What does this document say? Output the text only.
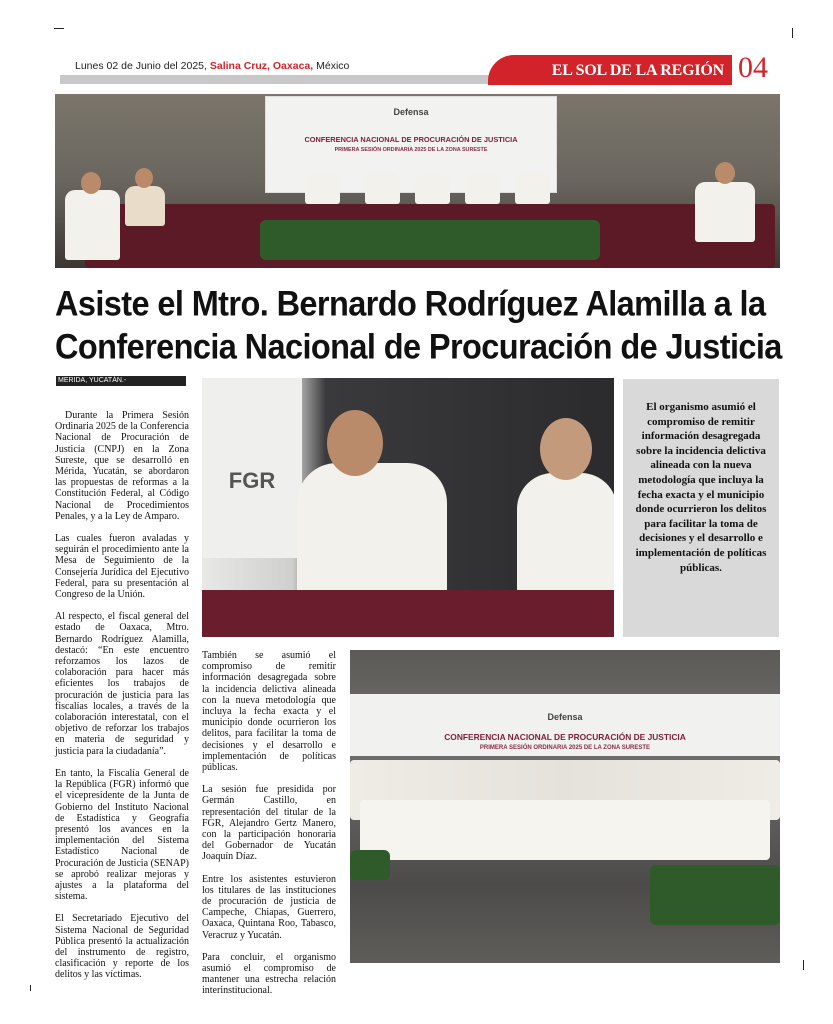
Lunes 02 de Junio del 2025, Salina Cruz, Oaxaca, México	EL SOL DE LA REGIÓN 04
Defensa
CONFERENCIA NACIONAL DE PROCURACIÓN DE JUSTICIA
PRIMERA SESIÓN ORDINARIA 2025 DE LA ZONA SURESTE
Asiste el Mtro. Bernardo Rodríguez Alamilla a la
Conferencia Nacional de Procuración de Justicia
MERIDA, YUCATÁN.-

Durante la Primera Sesión Ordinaria 2025 de la Conferencia Nacional de Procuración de Justicia (CNPJ) en la Zona Sureste, que se desarrolló en Mérida, Yucatán, se abordaron las propuestas de reformas a la Constitución Federal, al Código Nacional de Procedimientos Penales, y a la Ley de Amparo.

Las cuales fueron avaladas y seguirán el procedimiento ante la Mesa de Seguimiento de la Consejería Jurídica del Ejecutivo Federal, para su presentación al Congreso de la Unión.

Al respecto, el fiscal general del estado de Oaxaca, Mtro. Bernardo Rodríguez Alamilla, destacó: “En este encuentro reforzamos los lazos de colaboración para hacer más eficientes los trabajos de procuración de justicia para las fiscalías locales, a través de la colaboración interestatal, con el objetivo de reforzar los trabajos en materia de seguridad y justicia para la ciudadanía”.

En tanto, la Fiscalía General de la República (FGR) informó que el vicepresidente de la Junta de Gobierno del Instituto Nacional de Estadística y Geografía presentó los avances en la implementación del Sistema Estadístico Nacional de Procuración de Justicia (SENAP) se aprobó realizar mejoras y ajustes a la plataforma del sistema.

El Secretariado Ejecutivo del Sistema Nacional de Seguridad Pública presentó la actualización del instrumento de registro, clasificación y reporte de los delitos y las víctimas.

FGR
El organismo asumió el compromiso de remitir información desagregada sobre la incidencia delictiva alineada con la nueva metodología que incluya la fecha exacta y el municipio donde ocurrieron los delitos para facilitar la toma de decisiones y el desarrollo e implementación de políticas públicas.

También se asumió el compromiso de remitir información desagregada sobre la incidencia delictiva alineada con la nueva metodología que incluya la fecha exacta y el municipio donde ocurrieron los delitos, para facilitar la toma de decisiones y el desarrollo e implementación de políticas públicas.

La sesión fue presidida por Germán Castillo, en representación del titular de la FGR, Alejandro Gertz Manero, con la participación honoraria del Gobernador de Yucatán Joaquín Díaz.

Entre los asistentes estuvieron los titulares de las instituciones de procuración de justicia de Campeche, Chiapas, Guerrero, Oaxaca, Quintana Roo, Tabasco, Veracruz y Yucatán.

Para concluir, el organismo asumió el compromiso de mantener una estrecha relación interinstitucional.

Defensa
CONFERENCIA NACIONAL DE PROCURACIÓN DE JUSTICIA
PRIMERA SESIÓN ORDINARIA 2025 DE LA ZONA SURESTE
